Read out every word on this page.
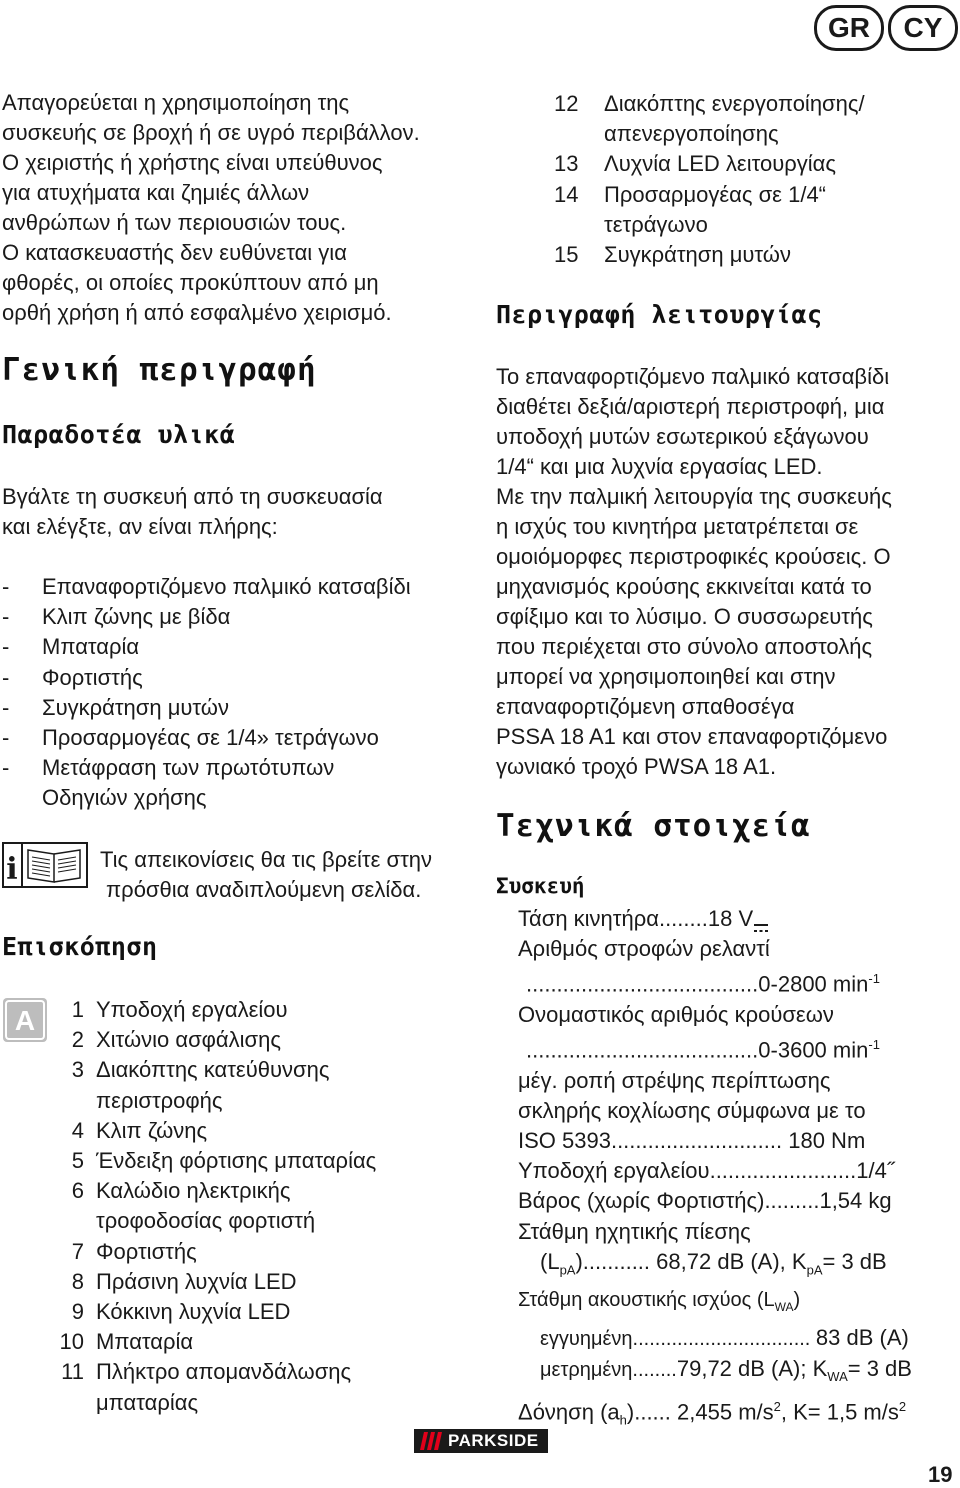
GR	CY
Απαγορεύεται η χρησιμοποίηση της
συσκευής σε βροχή ή σε υγρό περιβάλλον.
Ο χειριστής ή χρήστης είναι υπεύθυνος
για ατυχήματα και ζημιές άλλων
ανθρώπων ή των περιουσιών τους.
Ο κατασκευαστής δεν ευθύνεται για
φθορές, οι οποίες προκύπτουν από μη
ορθή χρήση ή από εσφαλμένο χειρισμό.
Γενική περιγραφή
Παραδοτέα υλικά
Βγάλτε τη συσκευή από τη συσκευασία
και ελέγξτε, αν είναι πλήρης:
-	Επαναφορτιζόμενο παλμικό κατσαβίδι
-	Κλιπ ζώνης με βίδα
-	Μπαταρία
-	Φορτιστής
-	Συγκράτηση μυτών
-	Προσαρμογέας σε 1/4» τετράγωνο
-	Μετάφραση των πρωτότυπων
Οδηγιών χρήσης
i	Τις απεικονίσεις θα τις βρείτε στην
πρόσθια αναδιπλούμενη σελίδα.
Επισκόπηση
A	1 Υποδοχή εργαλείου
2 Χιτώνιο ασφάλισης
3 Διακόπτης κατεύθυνσης
περιστροφής
4 Κλιπ ζώνης
5 Ένδειξη φόρτισης μπαταρίας
6 Καλώδιο ηλεκτρικής
τροφοδοσίας φορτιστή
7 Φορτιστής
8 Πράσινη λυχνία LED
9 Κόκκινη λυχνία LED
10 Μπαταρία
11 Πλήκτρο απομανδάλωσης
μπαταρίας
12	Διακόπτης ενεργοποίησης/
απενεργοποίησης
13	Λυχνία LED λειτουργίας
14	Προσαρμογέας σε 1/4“
τετράγωνο
15	Συγκράτηση μυτών
Περιγραφή λειτουργίας
Το επαναφορτιζόμενο παλμικό κατσαβίδι
διαθέτει δεξιά/αριστερή περιστροφή, μια
υποδοχή μυτών εσωτερικού εξάγωνου
1/4“ και μια λυχνία εργασίας LED.
Με την παλμική λειτουργία της συσκευής
η ισχύς του κινητήρα μετατρέπεται σε
ομοιόμορφες περιστροφικές κρούσεις. Ο
μηχανισμός κρούσης εκκινείται κατά το
σφίξιμο και το λύσιμο. Ο συσσωρευτής
που περιέχεται στο σύνολο αποστολής
μπορεί να χρησιμοποιηθεί και στην
επαναφορτιζόμενη σπαθοσέγα
PSSA 18 A1 και στον επαναφορτιζόμενο
γωνιακό τροχό PWSA 18 A1.
Τεχνικά στοιχεία
Συσκευή
Τάση κινητήρα........18 V
Αριθμός στροφών ρελαντί
......................................0-2800 $\min^{-1}$
Ονομαστικός αριθμός κρούσεων
......................................0-3600 $\min^{-1}$
μέγ. ροπή στρέψης περίπτωσης
σκληρής κοχλίωσης σύμφωνα με το
ISO 5393............................ 180 Nm
Υποδοχή εργαλείου........................1/4˝
Βάρος (χωρίς Φορτιστής).........1,54 kg
Στάθμη ηχητικής πίεσης
$(L_{pA})$........... 68,72 dB (A), $K_{pA}= 3$ dB
Στάθμη ακουστικής ισχύος $(L_{WA})$
εγγυημένη................................ 83 dB (A)
μετρημένη........79,72 dB (A); $K_{WA}= 3$ dB
Δόνηση $(a_h)$...... 2,455 $m/s^2$, K= 1,5 $m/s^2$
PARKSIDE
19
